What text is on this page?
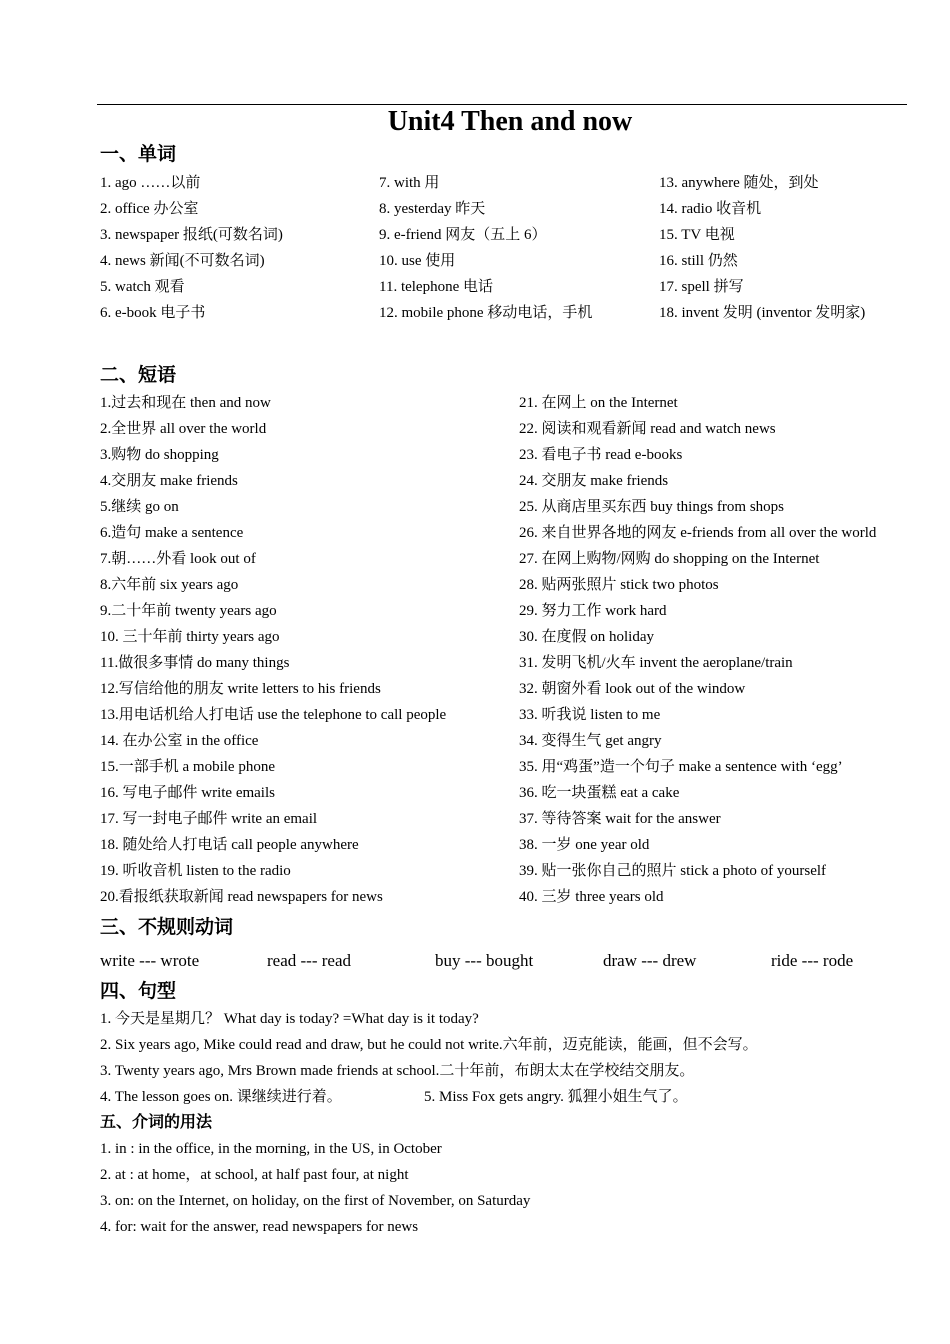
Unit4 Then and now
一、单词
1. ago ……以前	7. with 用	13. anywhere 随处，到处
2. office 办公室	8. yesterday 昨天	14. radio 收音机
3. newspaper 报纸(可数名词)	9. e-friend 网友（五上 6）	15. TV 电视
4. news 新闻(不可数名词)	10. use 使用	16. still 仍然
5. watch 观看	11. telephone 电话	17. spell 拼写
6. e-book 电子书	12. mobile phone 移动电话，手机	18. invent 发明 (inventor 发明家)
二、短语
1.过去和现在 then and now	21. 在网上 on the Internet
2.全世界 all over the world	22. 阅读和观看新闻 read and watch news
3.购物 do shopping	23. 看电子书 read e-books
4.交朋友 make friends	24. 交朋友 make friends
5.继续 go on	25. 从商店里买东西 buy things from shops
6.造句 make a sentence	26. 来自世界各地的网友 e-friends from all over the world
7.朝……外看 look out of	27. 在网上购物/网购 do shopping on the Internet
8.六年前 six years ago	28. 贴两张照片 stick two photos
9.二十年前 twenty years ago	29. 努力工作 work hard
10. 三十年前 thirty years ago	30. 在度假 on holiday
11.做很多事情 do many things	31. 发明飞机/火车 invent the aeroplane/train
12.写信给他的朋友 write letters to his friends	32. 朝窗外看 look out of the window
13.用电话机给人打电话 use the telephone to call people	33. 听我说 listen to me
14. 在办公室 in the office	34. 变得生气 get angry
15.一部手机 a mobile phone	35. 用“鸡蛋”造一个句子 make a sentence with ‘egg’
16. 写电子邮件 write emails	36. 吃一块蛋糕 eat a cake
17. 写一封电子邮件 write an email	37. 等待答案 wait for the answer
18. 随处给人打电话 call people anywhere	38. 一岁 one year old
19. 听收音机 listen to the radio	39. 贴一张你自己的照片 stick a photo of yourself
20.看报纸获取新闻 read newspapers for news	40. 三岁 three years old
三、不规则动词
write --- wrote	read --- read	buy --- bought	draw --- drew	ride --- rode
四、句型
1. 今天是星期几？ What day is today? =What day is it today?
2. Six years ago, Mike could read and draw, but he could not write.六年前，迈克能读，能画，但不会写。
3. Twenty years ago, Mrs Brown made friends at school.二十年前，布朗太太在学校结交朋友。
4. The lesson goes on. 课继续进行着。	5. Miss Fox gets angry. 狐狸小姐生气了。
五、介词的用法
1. in : in the office, in the morning, in the US, in October
2. at : at home，at school, at half past four, at night
3. on: on the Internet, on holiday, on the first of November, on Saturday
4. for: wait for the answer, read newspapers for news
